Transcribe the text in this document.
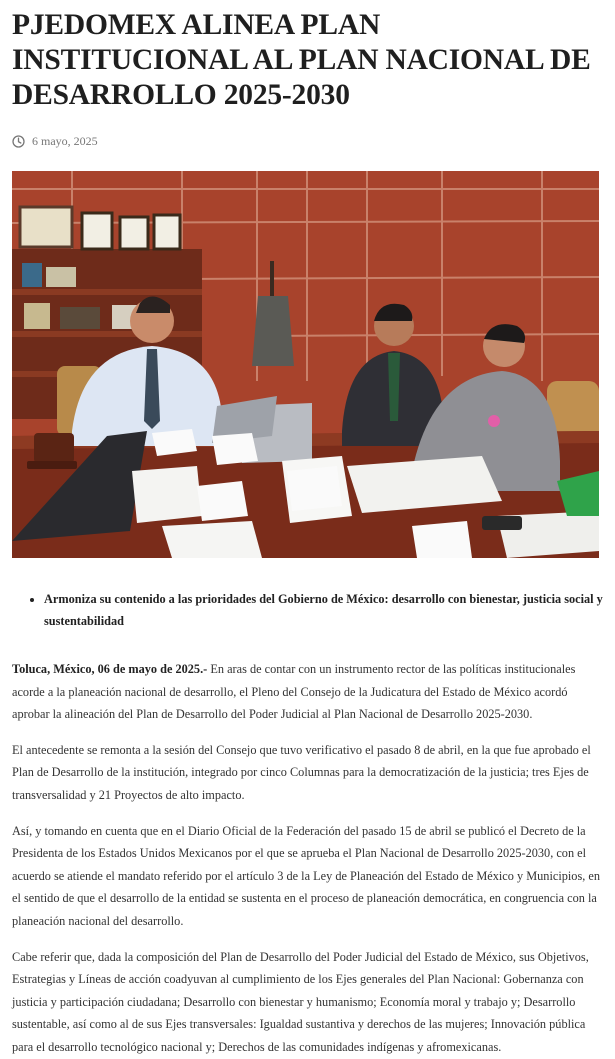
PJEDOMEX ALINEA PLAN INSTITUCIONAL AL PLAN NACIONAL DE DESARROLLO 2025-2030
6 mayo, 2025
• Armoniza su contenido a las prioridades del Gobierno de México: desarrollo con bienestar, justicia social y sustentabilidad

Toluca, México, 06 de mayo de 2025.- En aras de contar con un instrumento rector de las políticas institucionales acorde a la planeación nacional de desarrollo, el Pleno del Consejo de la Judicatura del Estado de México acordó aprobar la alineación del Plan de Desarrollo del Poder Judicial al Plan Nacional de Desarrollo 2025-2030.

El antecedente se remonta a la sesión del Consejo que tuvo verificativo el pasado 8 de abril, en la que fue aprobado el Plan de Desarrollo de la institución, integrado por cinco Columnas para la democratización de la justicia; tres Ejes de transversalidad y 21 Proyectos de alto impacto.

Así, y tomando en cuenta que en el Diario Oficial de la Federación del pasado 15 de abril se publicó el Decreto de la Presidenta de los Estados Unidos Mexicanos por el que se aprueba el Plan Nacional de Desarrollo 2025-2030, con el acuerdo se atiende el mandato referido por el artículo 3 de la Ley de Planeación del Estado de México y Municipios, en el sentido de que el desarrollo de la entidad se sustenta en el proceso de planeación democrática, en congruencia con la planeación nacional del desarrollo.

Cabe referir que, dada la composición del Plan de Desarrollo del Poder Judicial del Estado de México, sus Objetivos, Estrategias y Líneas de acción coadyuvan al cumplimiento de los Ejes generales del Plan Nacional: Gobernanza con justicia y participación ciudadana; Desarrollo con bienestar y humanismo; Economía moral y trabajo y; Desarrollo sustentable, así como al de sus Ejes transversales: Igualdad sustantiva y derechos de las mujeres; Innovación pública para el desarrollo tecnológico nacional y; Derechos de las comunidades indígenas y afromexicanas.
